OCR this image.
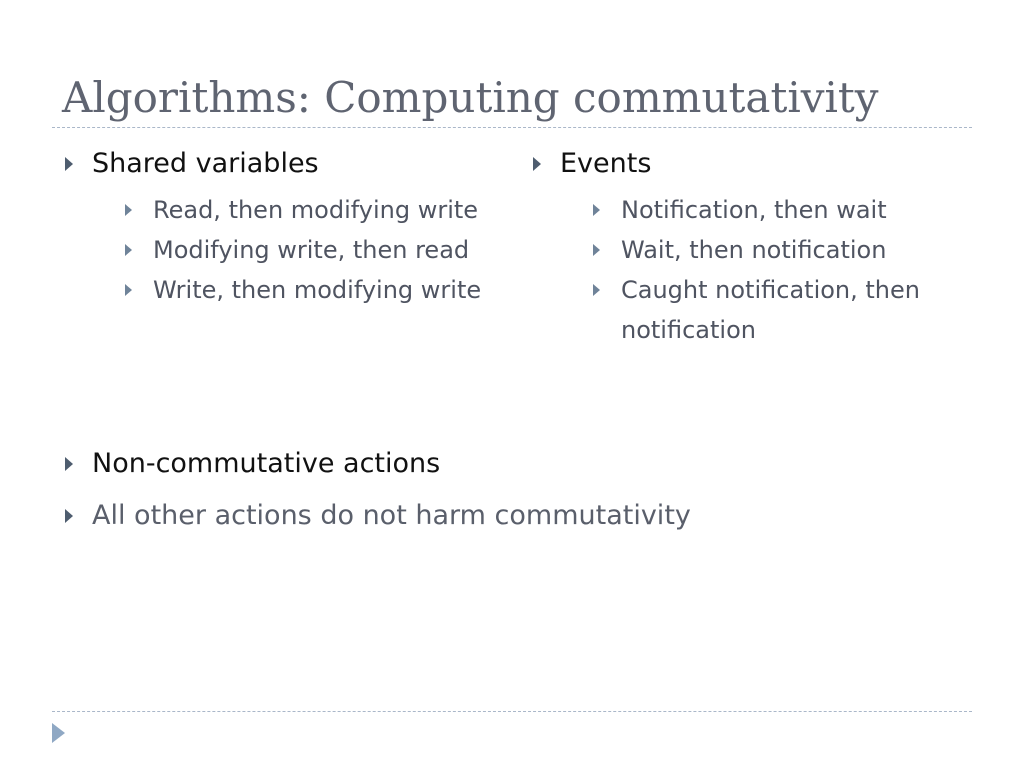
Algorithms: Computing commutativity
Shared variables
Read, then modifying write
Modifying write, then read
Write, then modifying write
Events
Notification, then wait
Wait, then notification
Caught notification, then notification
Non-commutative actions
All other actions do not harm commutativity
